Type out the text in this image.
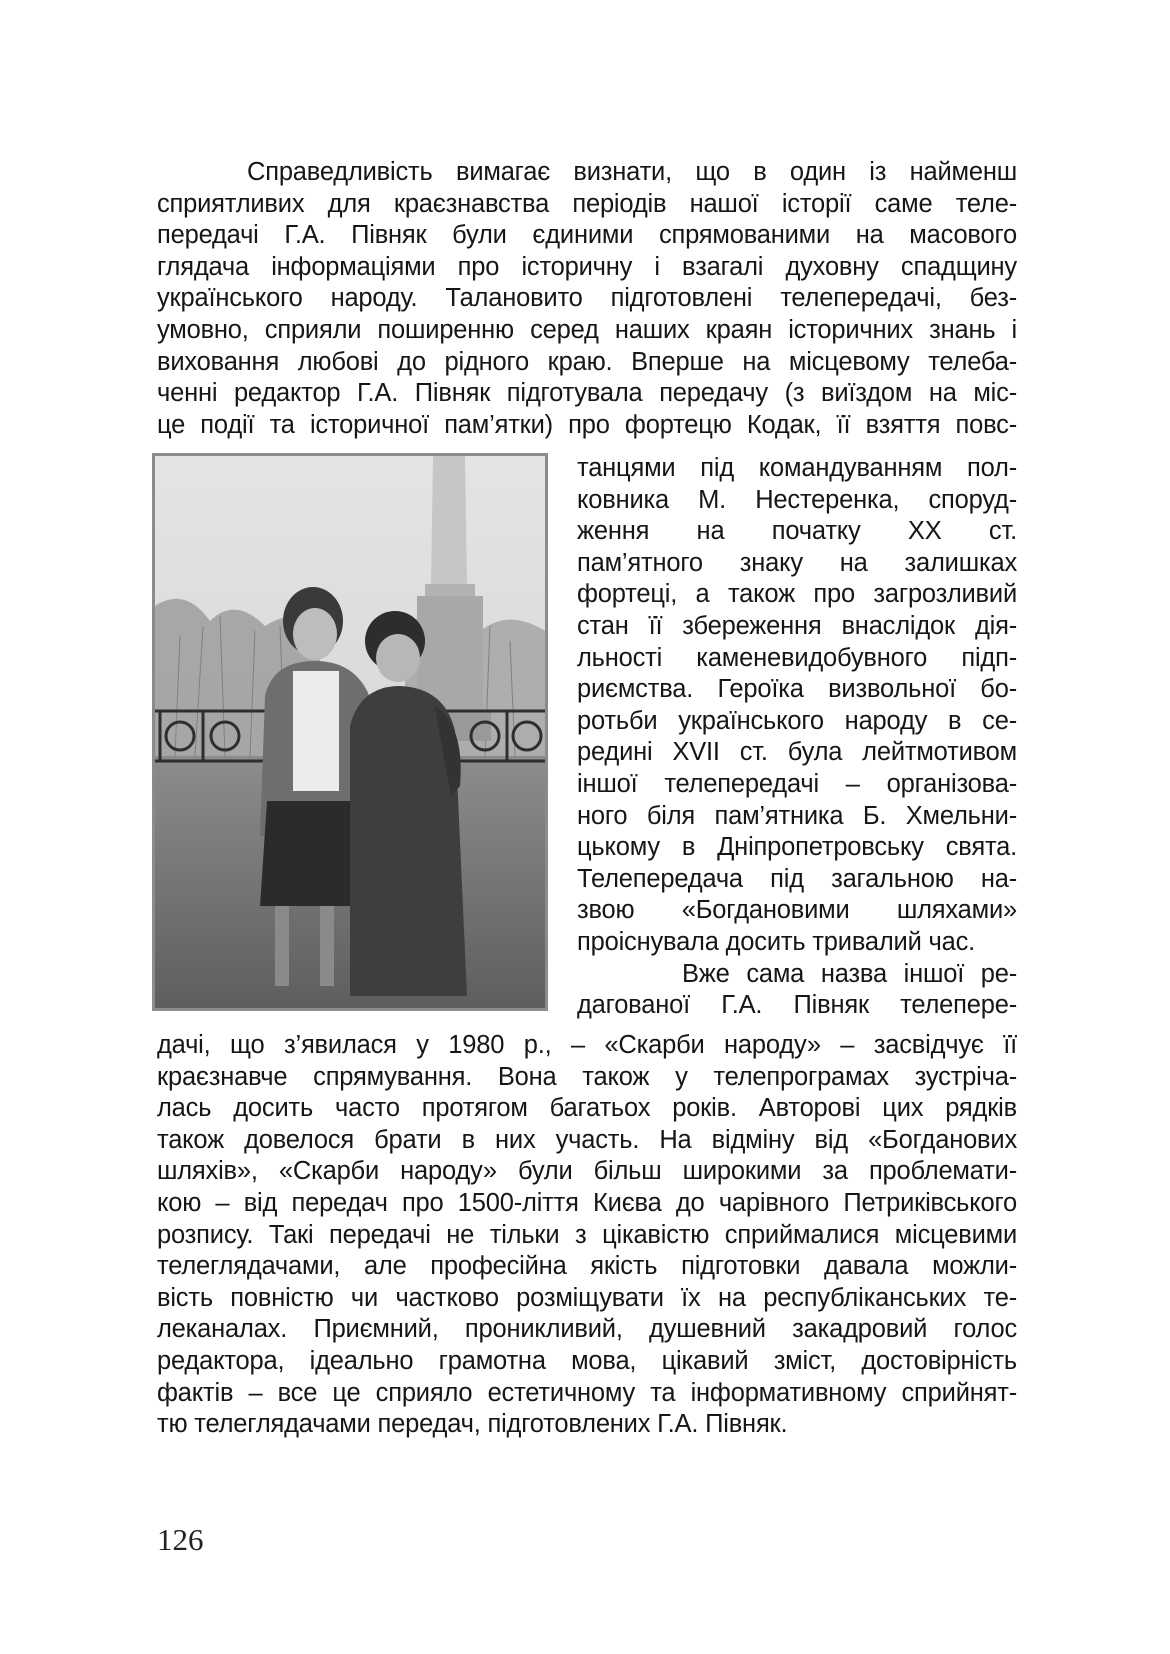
Справедливість вимагає визнати, що в один із найменш
сприятливих для краєзнавства періодів нашої історії саме теле-
передачі Г.А. Півняк були єдиними спрямованими на масового
глядача інформаціями про історичну і взагалі духовну спадщину
українського народу. Талановито підготовлені телепередачі, без-
умовно, сприяли поширенню серед наших краян історичних знань і
виховання любові до рідного краю. Вперше на місцевому телеба-
ченні редактор Г.А. Півняк підготувала передачу (з виїздом на міс-
це події та історичної пам’ятки) про фортецю Кодак, її взяття повс-
танцями під командуванням пол-
ковника М. Нестеренка, споруд-
ження на початку ХХ ст.
пам’ятного знаку на залишках
фортеці, а також про загрозливий
стан її збереження внаслідок дія-
льності каменевидобувного підп-
риємства. Героїка визвольної бо-
ротьби українського народу в се-
редині XVII ст. була лейтмотивом
іншої телепередачі – організова-
ного біля пам’ятника Б. Хмельни-
цькому в Дніпропетровську свята.
Телепередача під загальною на-
звою «Богдановими шляхами»
проіснувала досить тривалий час.
Вже сама назва іншої ре-
дагованої Г.А. Півняк телепере-
дачі, що з’явилася у 1980 р., – «Скарби народу» – засвідчує її
краєзнавче спрямування. Вона також у телепрограмах зустріча-
лась досить часто протягом багатьох років. Авторові цих рядків
також довелося брати в них участь. На відміну від «Богданових
шляхів», «Скарби народу» були більш широкими за проблемати-
кою – від передач про 1500-ліття Києва до чарівного Петриківського
розпису. Такі передачі не тільки з цікавістю сприймалися місцевими
телеглядачами, але професійна якість підготовки давала можли-
вість повністю чи частково розміщувати їх на республіканських те-
леканалах. Приємний, проникливий, душевний закадровий голос
редактора, ідеально грамотна мова, цікавий зміст, достовірність
фактів – все це сприяло естетичному та інформативному сприйнят-
тю телеглядачами передач, підготовлених Г.А. Півняк.
126
